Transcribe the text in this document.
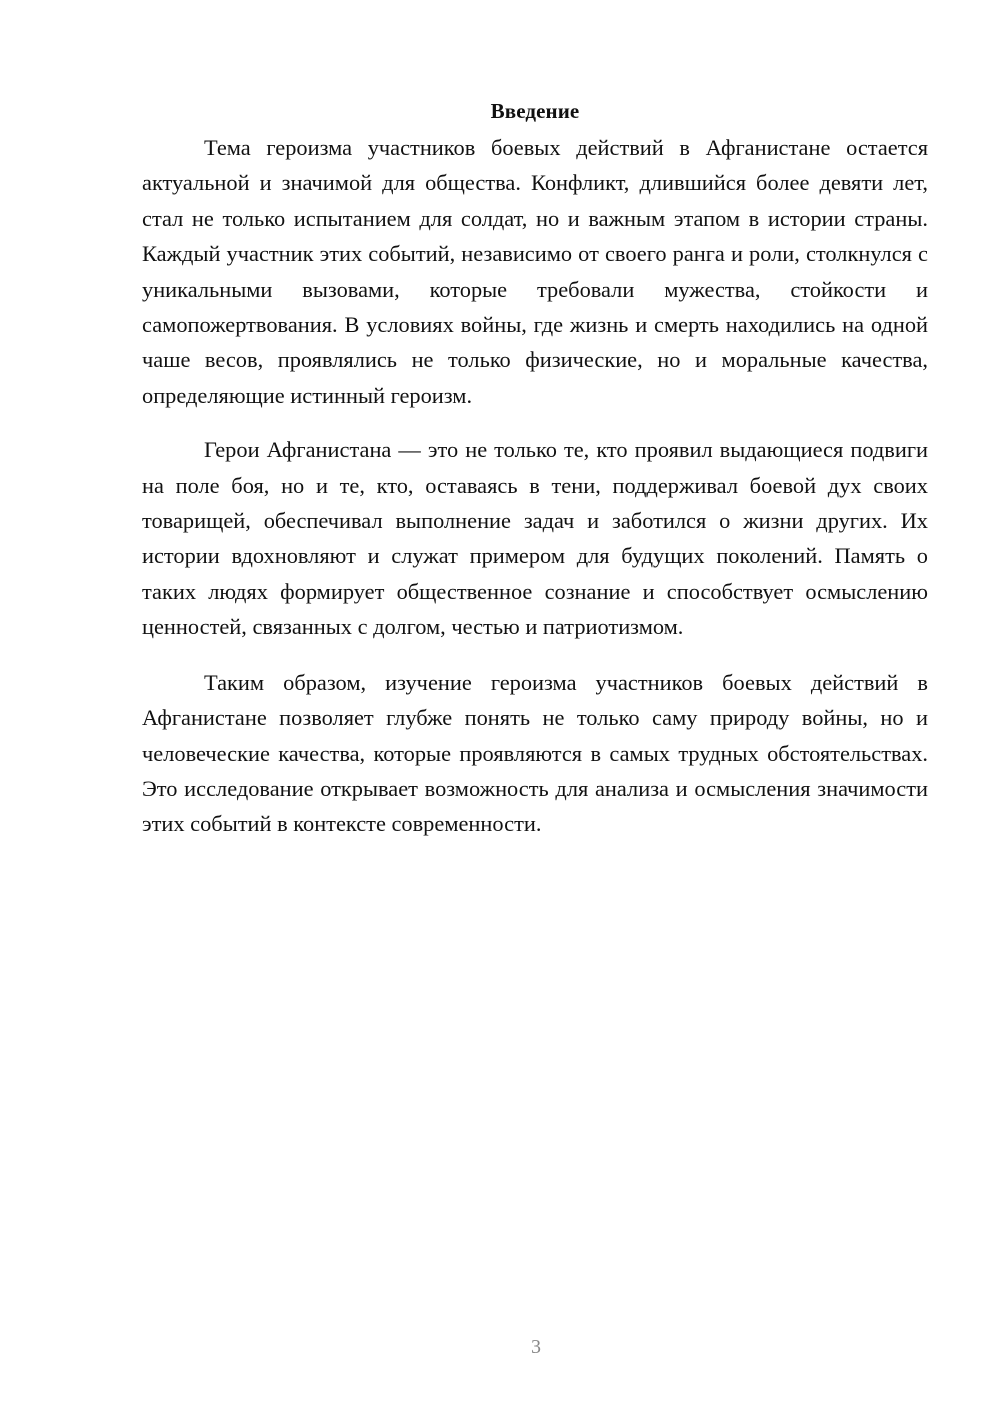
Введение

Тема героизма участников боевых действий в Афганистане остается актуальной и значимой для общества. Конфликт, длившийся более девяти лет, стал не только испытанием для солдат, но и важным этапом в истории страны. Каждый участник этих событий, независимо от своего ранга и роли, столкнулся с уникальными вызовами, которые требовали мужества, стойкости и самопожертвования. В условиях войны, где жизнь и смерть находились на одной чаше весов, проявлялись не только физические, но и моральные качества, определяющие истинный героизм.

Герои Афганистана — это не только те, кто проявил выдающиеся подвиги на поле боя, но и те, кто, оставаясь в тени, поддерживал боевой дух своих товарищей, обеспечивал выполнение задач и заботился о жизни других. Их истории вдохновляют и служат примером для будущих поколений. Память о таких людях формирует общественное сознание и способствует осмыслению ценностей, связанных с долгом, честью и патриотизмом.

Таким образом, изучение героизма участников боевых действий в Афганистане позволяет глубже понять не только саму природу войны, но и человеческие качества, которые проявляются в самых трудных обстоятельствах. Это исследование открывает возможность для анализа и осмысления значимости этих событий в контексте современности.

3
